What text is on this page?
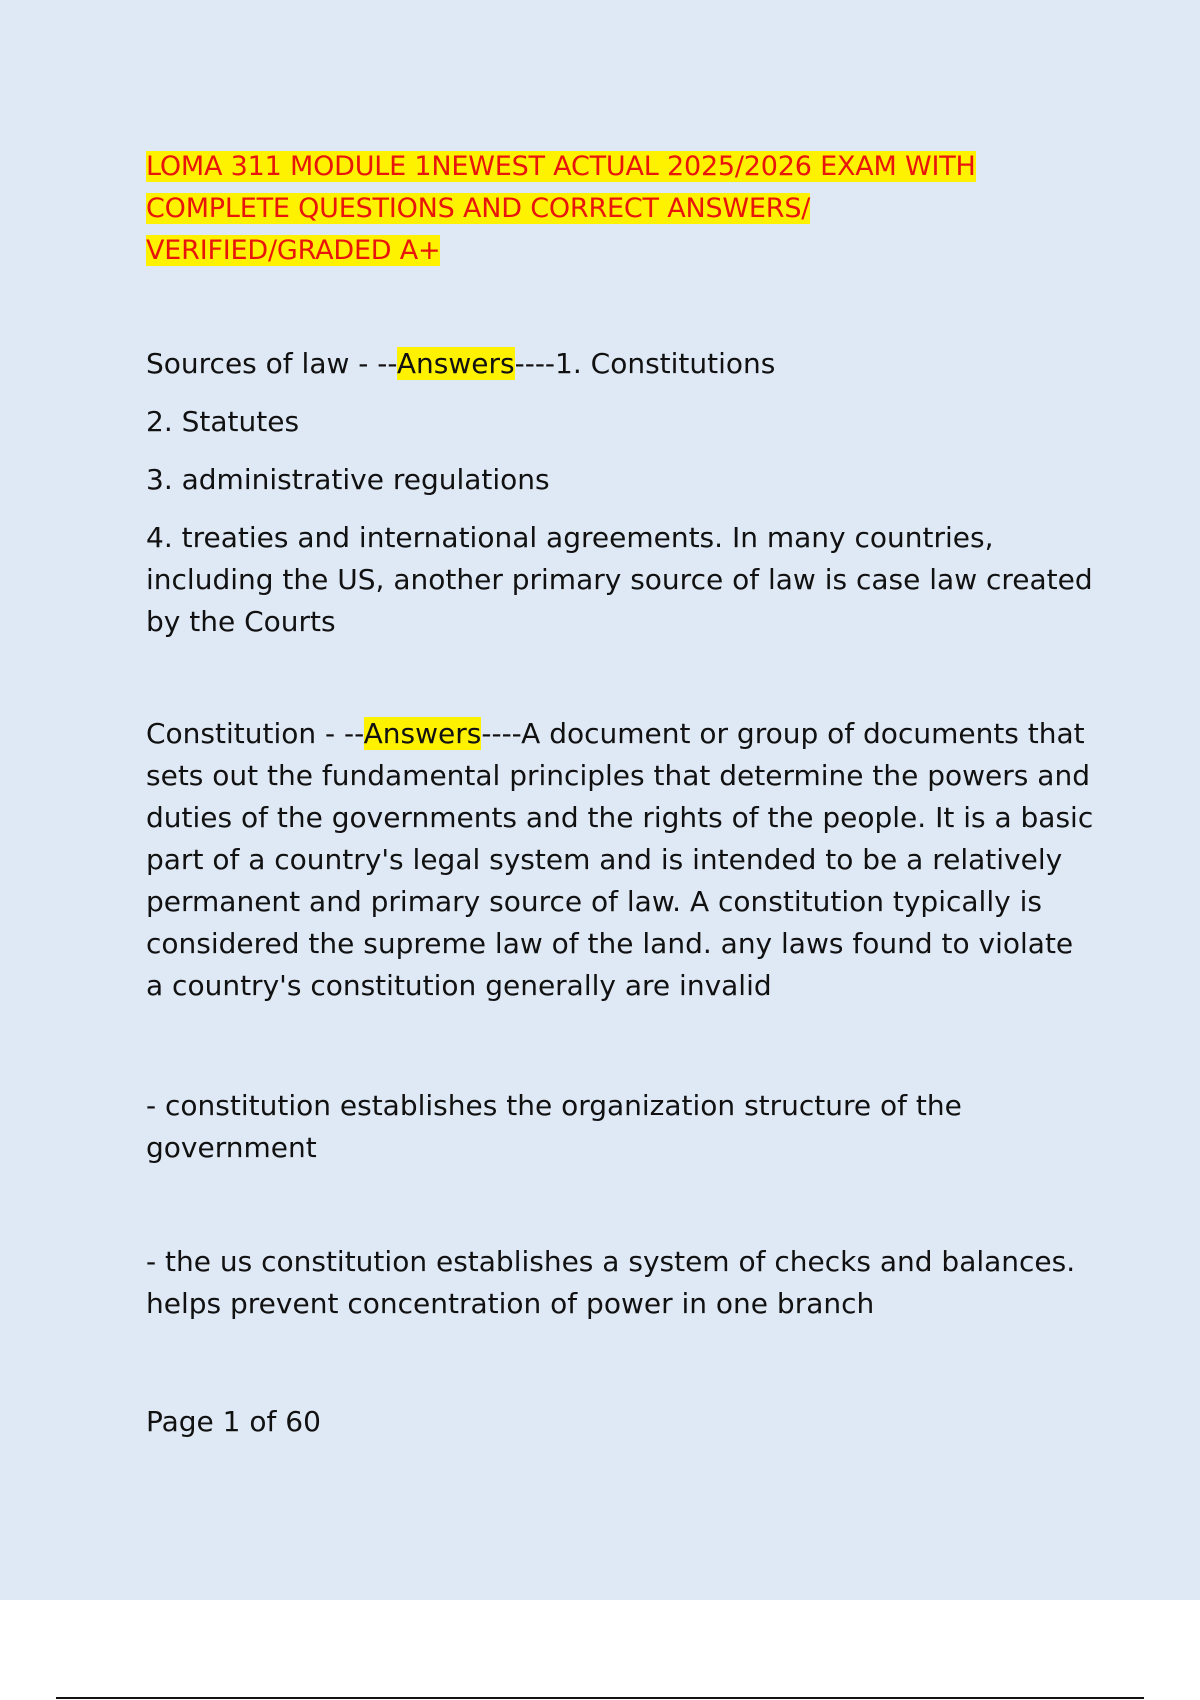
LOMA 311 MODULE 1NEWEST ACTUAL 2025/2026 EXAM WITH
COMPLETE QUESTIONS AND CORRECT ANSWERS/
VERIFIED/GRADED A+

Sources of law - --Answers----1. Constitutions

2. Statutes

3. administrative regulations

4. treaties and international agreements. In many countries, including the US, another primary source of law is case law created by the Courts

Constitution - --Answers----A document or group of documents that sets out the fundamental principles that determine the powers and duties of the governments and the rights of the people. It is a basic part of a country's legal system and is intended to be a relatively permanent and primary source of law. A constitution typically is considered the supreme law of the land. any laws found to violate a country's constitution generally are invalid

- constitution establishes the organization structure of the government

- the us constitution establishes a system of checks and balances. helps prevent concentration of power in one branch

Page 1 of 60
